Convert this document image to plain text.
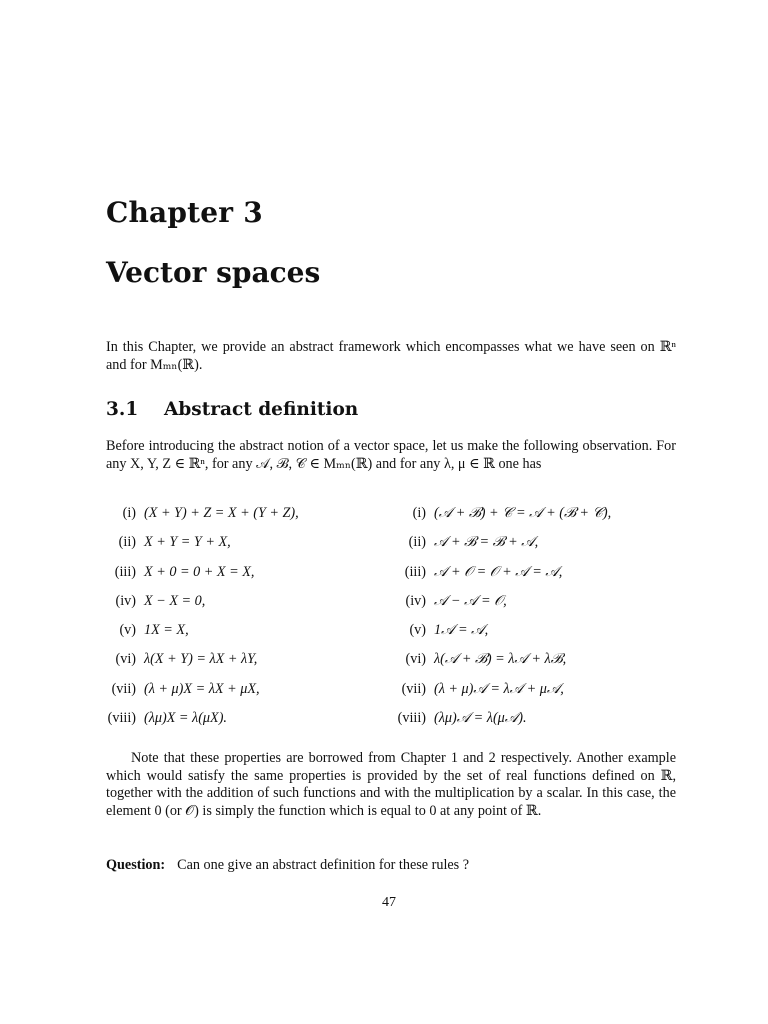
Chapter 3
Vector spaces

In this Chapter, we provide an abstract framework which encompasses what we have seen on ℝⁿ and for Mₘₙ(ℝ).

3.1 Abstract definition

Before introducing the abstract notion of a vector space, let us make the following observation. For any X, Y, Z ∈ ℝⁿ, for any 𝒜, ℬ, 𝒞 ∈ Mₘₙ(ℝ) and for any λ, μ ∈ ℝ one has

(i) (X + Y) + Z = X + (Y + Z),
(ii) X + Y = Y + X,
(iii) X + 0 = 0 + X = X,
(iv) X − X = 0,
(v) 1X = X,
(vi) λ(X + Y) = λX + λY,
(vii) (λ + μ)X = λX + μX,
(viii) (λμ)X = λ(μX).
(i) (𝒜 + ℬ) + 𝒞 = 𝒜 + (ℬ + 𝒞),
(ii) 𝒜 + ℬ = ℬ + 𝒜,
(iii) 𝒜 + 𝒪 = 𝒪 + 𝒜 = 𝒜,
(iv) 𝒜 − 𝒜 = 𝒪,
(v) 1𝒜 = 𝒜,
(vi) λ(𝒜 + ℬ) = λ𝒜 + λℬ,
(vii) (λ + μ)𝒜 = λ𝒜 + μ𝒜,
(viii) (λμ)𝒜 = λ(μ𝒜).

Note that these properties are borrowed from Chapter 1 and 2 respectively. Another example which would satisfy the same properties is provided by the set of real functions defined on ℝ, together with the addition of such functions and with the multiplication by a scalar. In this case, the element 0 (or 𝒪) is simply the function which is equal to 0 at any point of ℝ.

Question: Can one give an abstract definition for these rules ?

47
